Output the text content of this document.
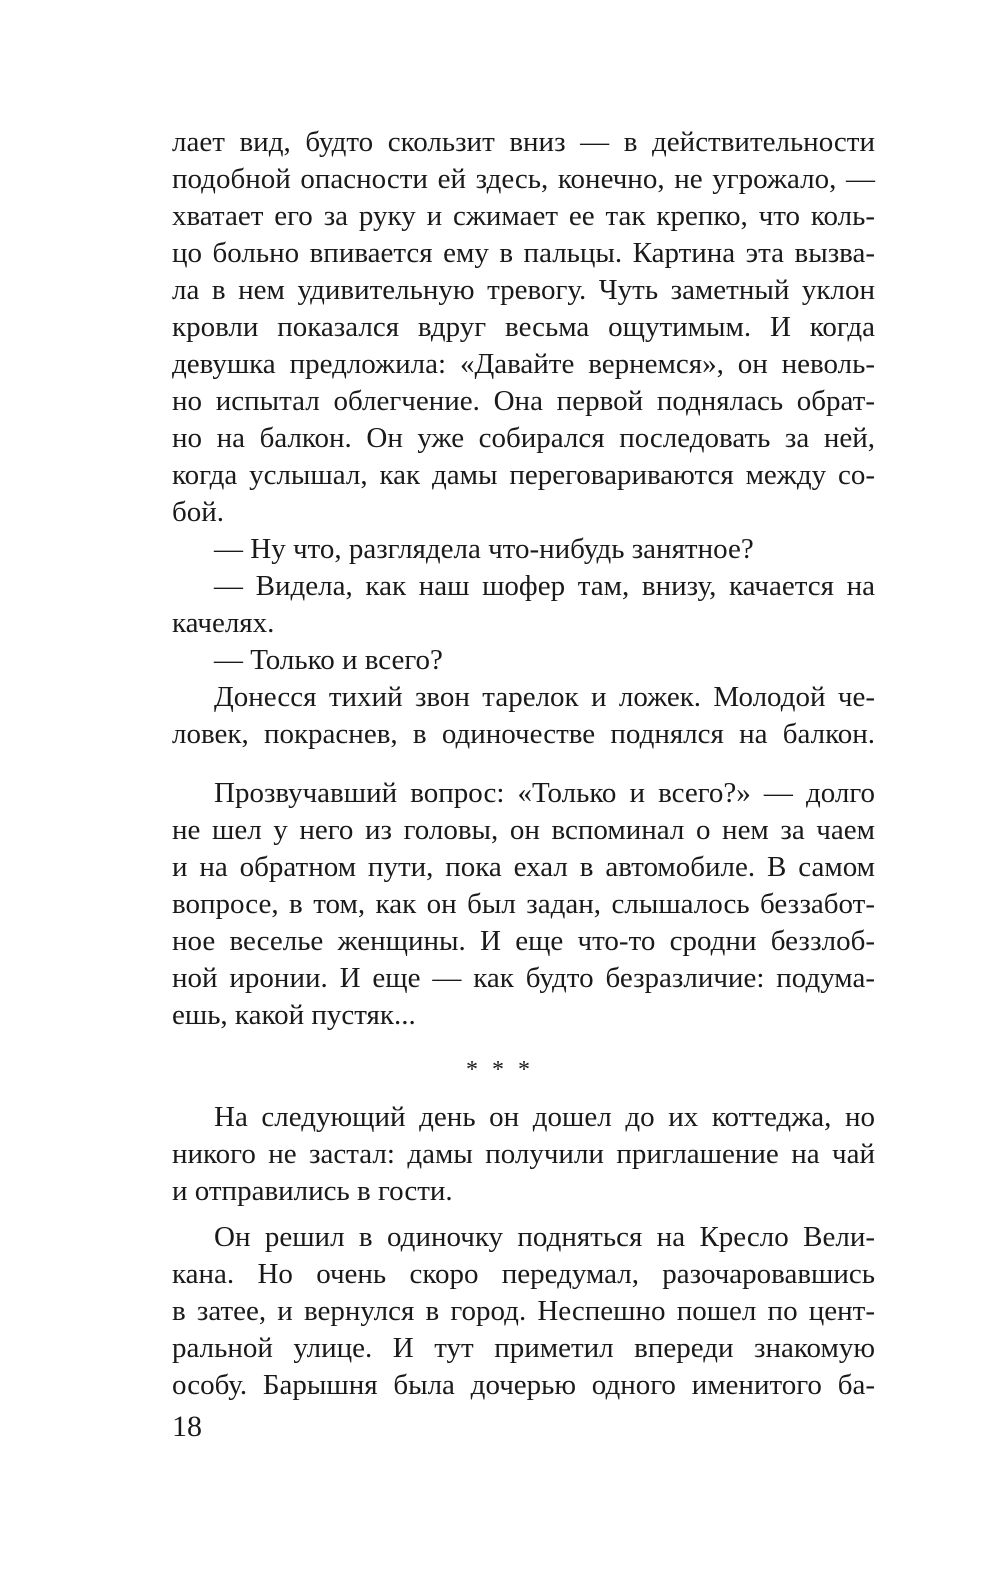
лает вид, будто скользит вниз — в действительности
подобной опасности ей здесь, конечно, не угрожало, —
хватает его за руку и сжимает ее так крепко, что коль-
цо больно впивается ему в пальцы. Картина эта вызва-
ла в нем удивительную тревогу. Чуть заметный уклон
кровли показался вдруг весьма ощутимым. И когда
девушка предложила: «Давайте вернемся», он неволь-
но испытал облегчение. Она первой поднялась обрат-
но на балкон. Он уже собирался последовать за ней,
когда услышал, как дамы переговариваются между со-
бой.
— Ну что, разглядела что-нибудь занятное?
— Видела, как наш шофер там, внизу, качается на
качелях.
— Только и всего?
Донесся тихий звон тарелок и ложек. Молодой че-
ловек, покраснев, в одиночестве поднялся на балкон.
Прозвучавший вопрос: «Только и всего?» — долго
не шел у него из головы, он вспоминал о нем за чаем
и на обратном пути, пока ехал в автомобиле. В самом
вопросе, в том, как он был задан, слышалось беззабот-
ное веселье женщины. И еще что-то сродни беззлоб-
ной иронии. И еще — как будто безразличие: подума-
ешь, какой пустяк...
На следующий день он дошел до их коттеджа, но
никого не застал: дамы получили приглашение на чай
и отправились в гости.
Он решил в одиночку подняться на Кресло Вели-
кана. Но очень скоро передумал, разочаровавшись
в затее, и вернулся в город. Неспешно пошел по цент-
ральной улице. И тут приметил впереди знакомую
особу. Барышня была дочерью одного именитого ба-
* * *
18
